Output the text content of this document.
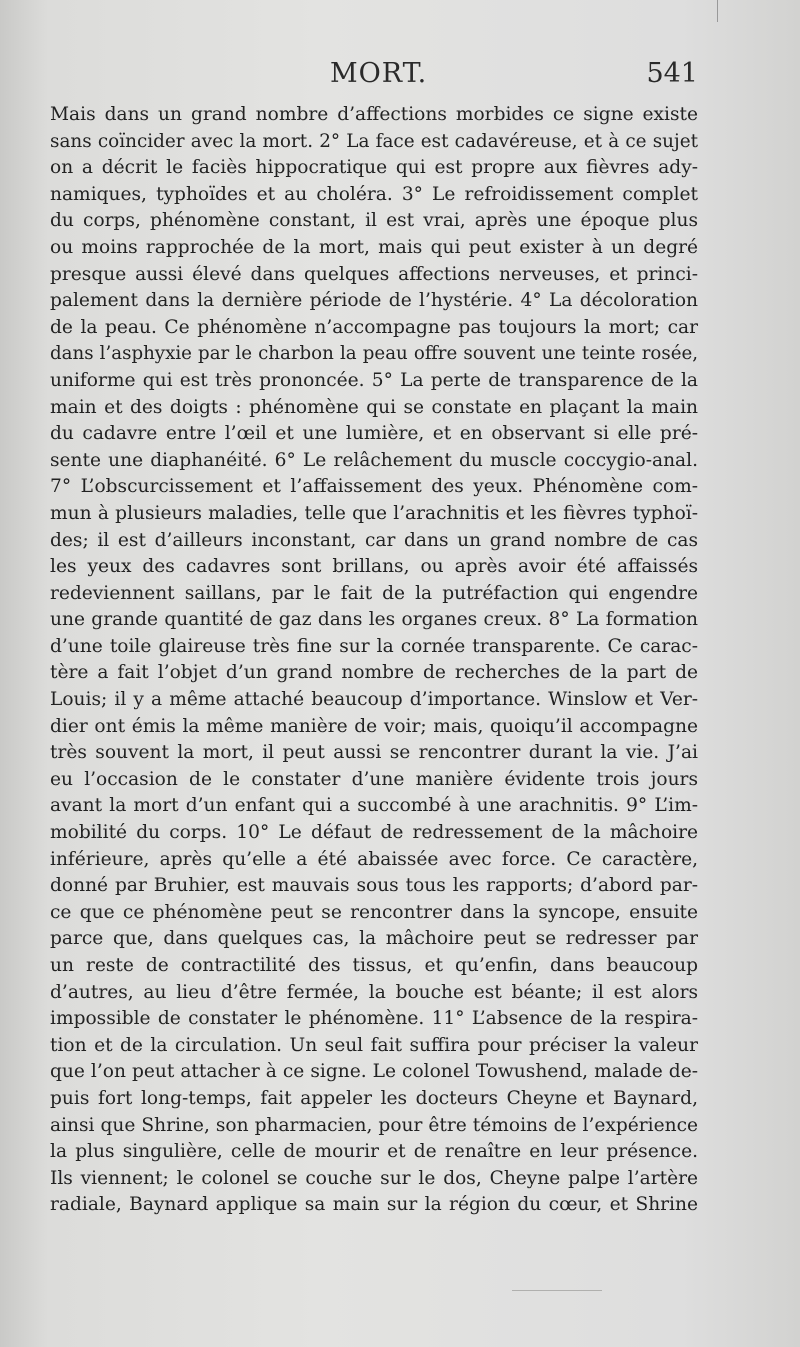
MORT.	541
Mais dans un grand nombre d’affections morbides ce signe existe
sans coïncider avec la mort. 2° La face est cadavéreuse, et à ce sujet
on a décrit le faciès hippocratique qui est propre aux fièvres ady-
namiques, typhoïdes et au choléra. 3° Le refroidissement complet
du corps, phénomène constant, il est vrai, après une époque plus
ou moins rapprochée de la mort, mais qui peut exister à un degré
presque aussi élevé dans quelques affections nerveuses, et princi-
palement dans la dernière période de l’hystérie. 4° La décoloration
de la peau. Ce phénomène n’accompagne pas toujours la mort; car
dans l’asphyxie par le charbon la peau offre souvent une teinte rosée,
uniforme qui est très prononcée. 5° La perte de transparence de la
main et des doigts : phénomène qui se constate en plaçant la main
du cadavre entre l’œil et une lumière, et en observant si elle pré-
sente une diaphanéité. 6° Le relâchement du muscle coccygio-anal.
7° L’obscurcissement et l’affaissement des yeux. Phénomène com-
mun à plusieurs maladies, telle que l’arachnitis et les fièvres typhoï-
des; il est d’ailleurs inconstant, car dans un grand nombre de cas
les yeux des cadavres sont brillans, ou après avoir été affaissés
redeviennent saillans, par le fait de la putréfaction qui engendre
une grande quantité de gaz dans les organes creux. 8° La formation
d’une toile glaireuse très fine sur la cornée transparente. Ce carac-
tère a fait l’objet d’un grand nombre de recherches de la part de
Louis; il y a même attaché beaucoup d’importance. Winslow et Ver-
dier ont émis la même manière de voir; mais, quoiqu’il accompagne
très souvent la mort, il peut aussi se rencontrer durant la vie. J’ai
eu l’occasion de le constater d’une manière évidente trois jours
avant la mort d’un enfant qui a succombé à une arachnitis. 9° L’im-
mobilité du corps. 10° Le défaut de redressement de la mâchoire
inférieure, après qu’elle a été abaissée avec force. Ce caractère,
donné par Bruhier, est mauvais sous tous les rapports; d’abord par-
ce que ce phénomène peut se rencontrer dans la syncope, ensuite
parce que, dans quelques cas, la mâchoire peut se redresser par
un reste de contractilité des tissus, et qu’enfin, dans beaucoup
d’autres, au lieu d’être fermée, la bouche est béante; il est alors
impossible de constater le phénomène. 11° L’absence de la respira-
tion et de la circulation. Un seul fait suffira pour préciser la valeur
que l’on peut attacher à ce signe. Le colonel Towushend, malade de-
puis fort long-temps, fait appeler les docteurs Cheyne et Baynard,
ainsi que Shrine, son pharmacien, pour être témoins de l’expérience
la plus singulière, celle de mourir et de renaître en leur présence.
Ils viennent; le colonel se couche sur le dos, Cheyne palpe l’artère
radiale, Baynard applique sa main sur la région du cœur, et Shrine
